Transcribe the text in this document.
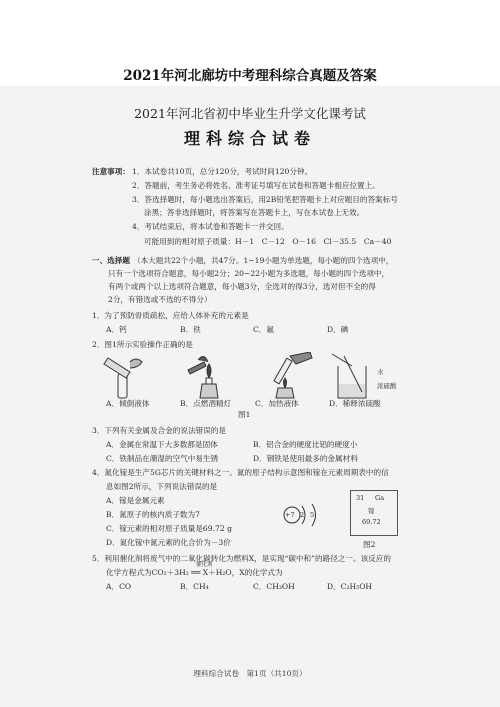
2021年河北廊坊中考理科综合真题及答案
2021年河北省初中毕业生升学文化课考试
理科综合试卷
注意事项： 1．本试卷共10页，总分120分，考试时间120分钟。
2．答题前，考生务必将姓名、准考证号填写在试卷和答题卡相应位置上。
3．答选择题时，每小题选出答案后，用2B铅笔把答题卡上对应题目的答案标号
涂黑；答非选择题时，将答案写在答题卡上，写在本试卷上无效。
4．考试结束后，将本试卷和答题卡一并交回。
可能用到的相对原子质量：H－1　C－12　O－16　Cl－35.5　Ca－40
一、选择题 （本大题共22个小题，共47分。1~19小题为单选题，每小题的四个选项中，
只有一个选项符合题意，每小题2分；20~22小题为多选题，每小题的四个选项中，
有两个或两个以上选项符合题意，每小题3分，全选对的得3分，选对但不全的得
2分，有错选或不选的不得分）
1．为了预防骨质疏松，应给人体补充的元素是
A．钙	B．铁	C．氟	D．碘
2．图1所示实验操作正确的是
水
浓硫酸
A．倾倒液体	B．点燃酒精灯	C．加热液体	D．稀释浓硫酸
图1
3．下列有关金属及合金的说法错误的是
A．金属在常温下大多数都是固体	B．铝合金的硬度比铝的硬度小
C．铁制品在潮湿的空气中易生锈	D．钢铁是使用最多的金属材料
4．氮化镓是生产5G芯片的关键材料之一。氮的原子结构示意图和镓在元素周期表中的信
息如图2所示，下列说法错误的是
A．镓是金属元素
B．氮原子的核内质子数为7
C．镓元素的相对原子质量是69.72 g
D．氮化镓中氮元素的化合价为－3价
+7 2 5
31 Ga
镓
69.72
图2
5．利用催化剂将废气中的二氧化碳转化为燃料X，是实现“碳中和”的路径之一。该反应的
催化剂
化学方程式为CO₂＋3H₂ ══ X＋H₂O，X的化学式为
A．CO	B．CH₄	C．CH₃OH	D．C₂H₅OH
理科综合试卷　第1页（共10页）
